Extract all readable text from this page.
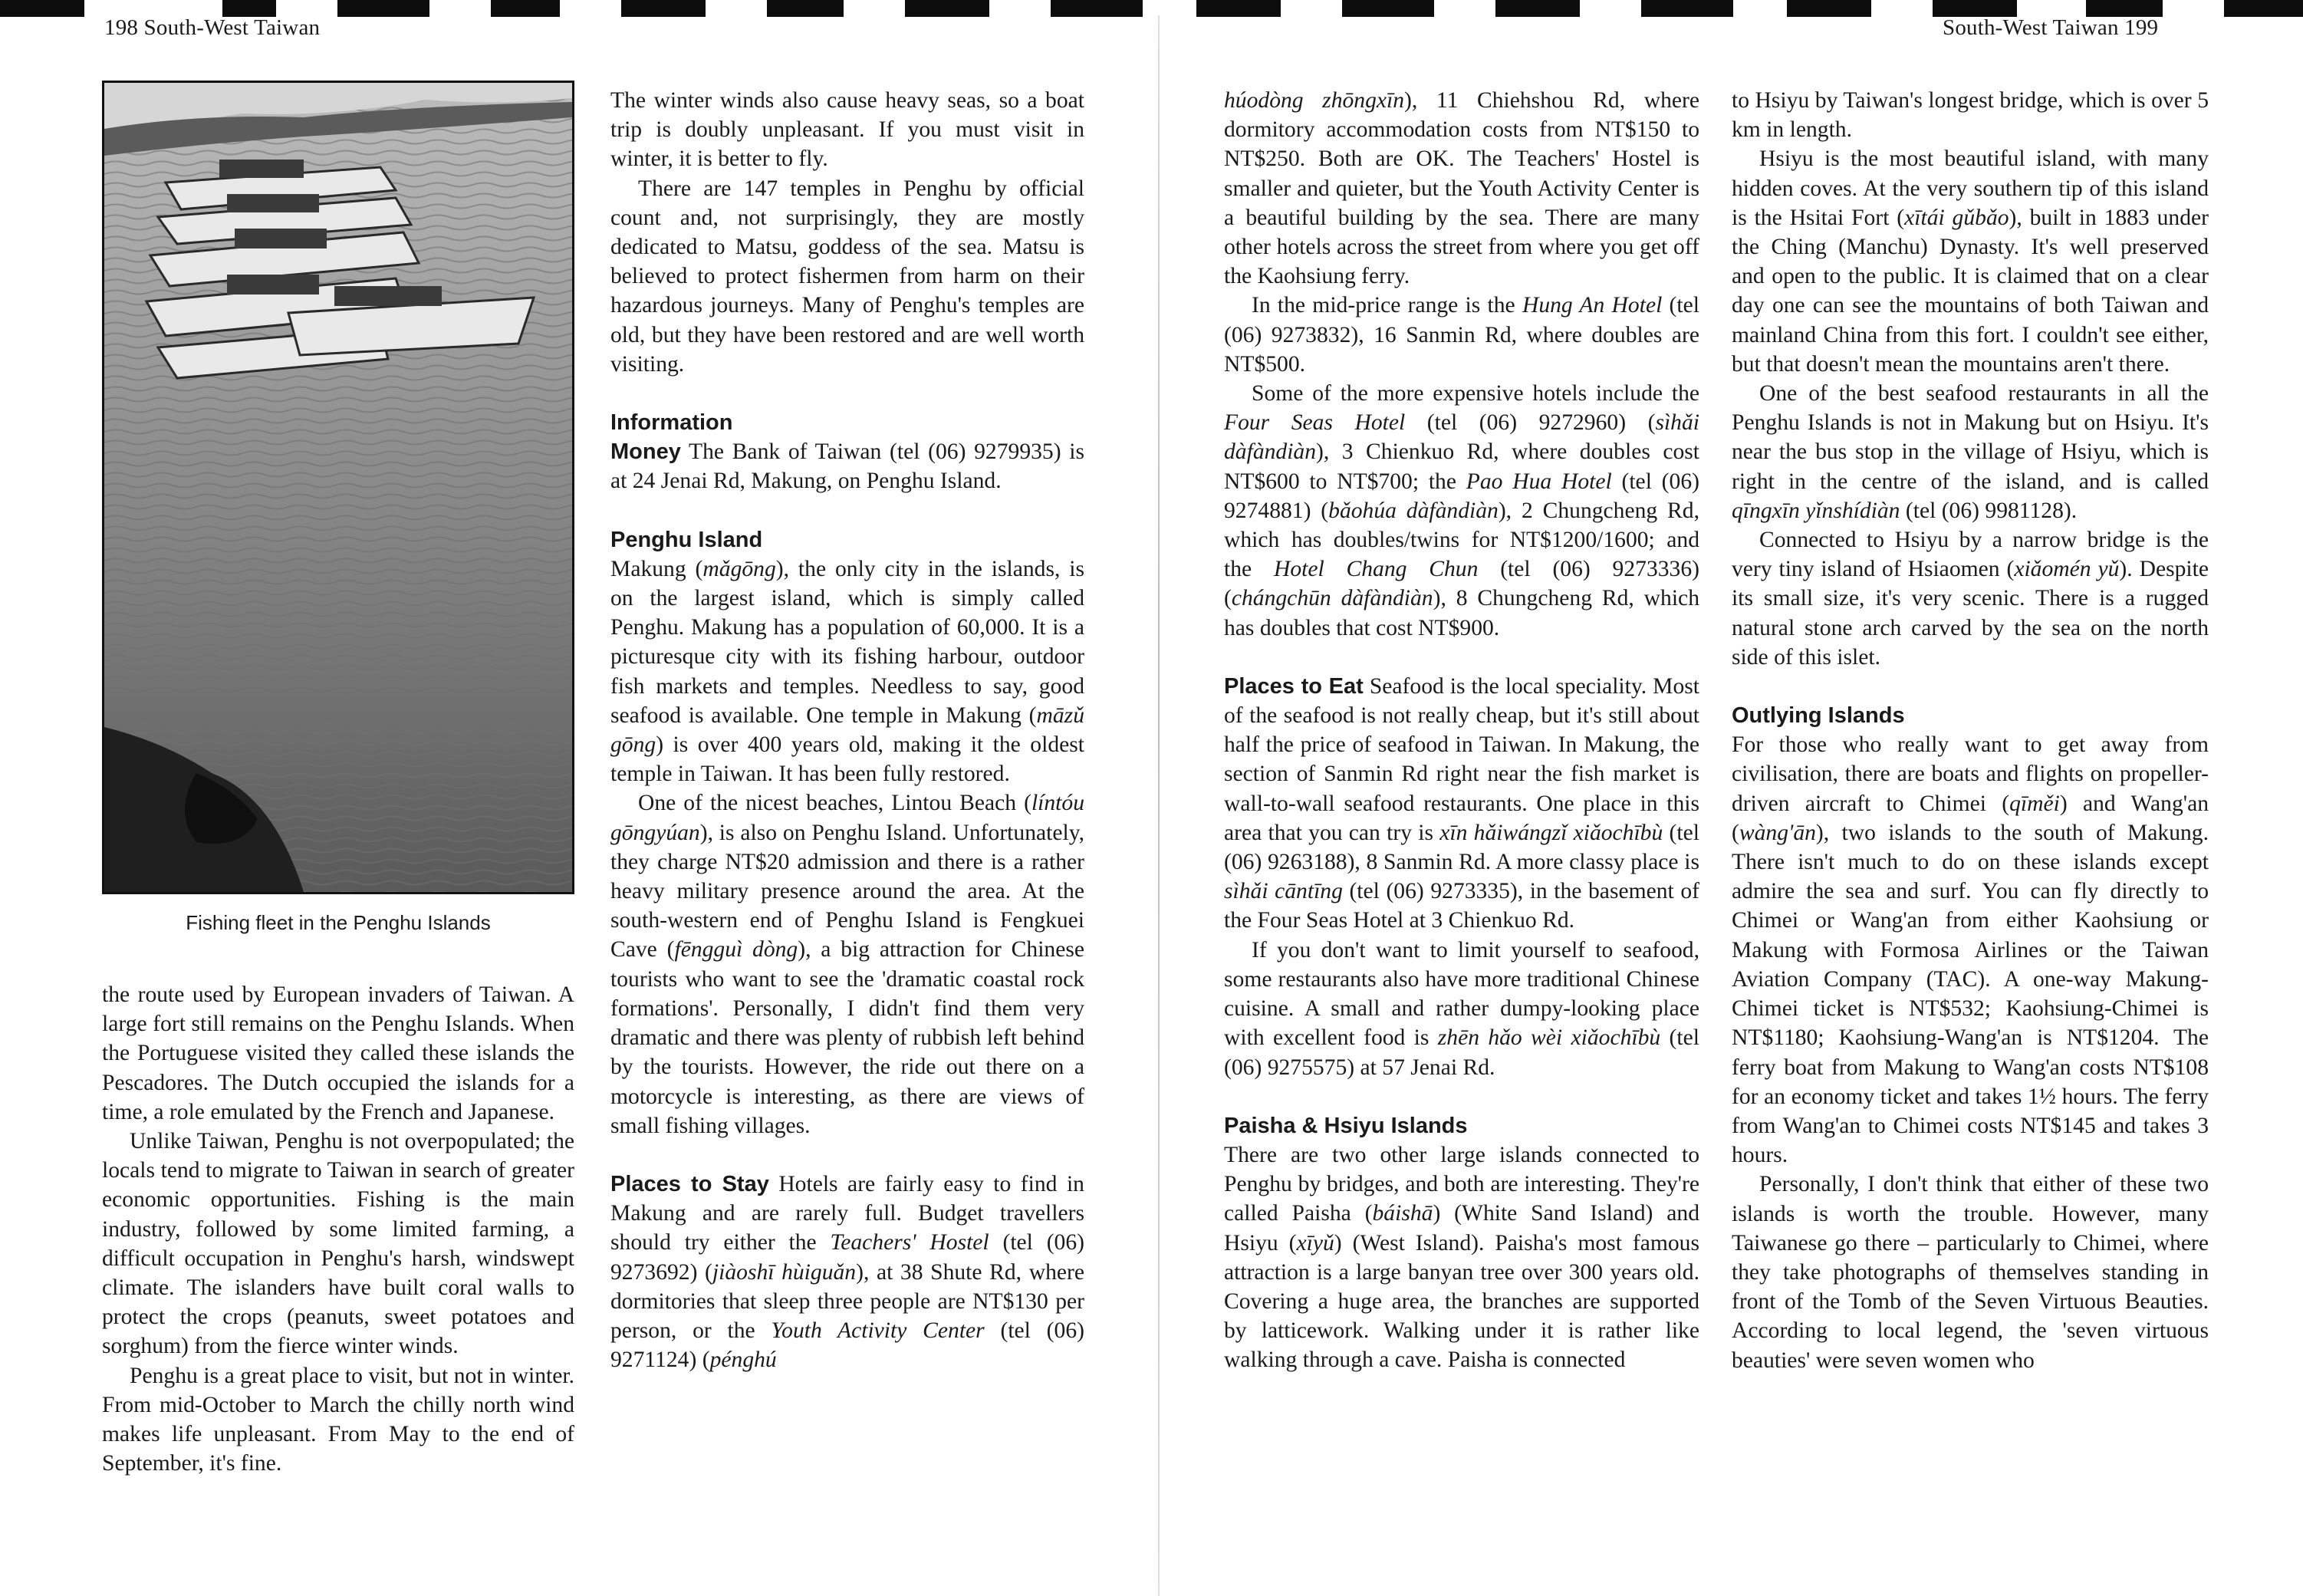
198 South-West Taiwan	South-West Taiwan 199
Fishing fleet in the Penghu Islands

the route used by European invaders of Taiwan. A large fort still remains on the Penghu Islands. When the Portuguese visited they called these islands the Pescadores. The Dutch occupied the islands for a time, a role emulated by the French and Japanese.

Unlike Taiwan, Penghu is not overpopulated; the locals tend to migrate to Taiwan in search of greater economic opportunities. Fishing is the main industry, followed by some limited farming, a difficult occupation in Penghu's harsh, windswept climate. The islanders have built coral walls to protect the crops (peanuts, sweet potatoes and sorghum) from the fierce winter winds.

Penghu is a great place to visit, but not in winter. From mid-October to March the chilly north wind makes life unpleasant. From May to the end of September, it's fine.

The winter winds also cause heavy seas, so a boat trip is doubly unpleasant. If you must visit in winter, it is better to fly.

There are 147 temples in Penghu by official count and, not surprisingly, they are mostly dedicated to Matsu, goddess of the sea. Matsu is believed to protect fishermen from harm on their hazardous journeys. Many of Penghu's temples are old, but they have been restored and are well worth visiting.

Information

Money The Bank of Taiwan (tel (06) 9279935) is at 24 Jenai Rd, Makung, on Penghu Island.

Penghu Island

Makung (mǎgōng), the only city in the islands, is on the largest island, which is simply called Penghu. Makung has a population of 60,000. It is a picturesque city with its fishing harbour, outdoor fish markets and temples. Needless to say, good seafood is available. One temple in Makung (māzǔ gōng) is over 400 years old, making it the oldest temple in Taiwan. It has been fully restored.

One of the nicest beaches, Lintou Beach (líntóu gōngyúan), is also on Penghu Island. Unfortunately, they charge NT$20 admission and there is a rather heavy military presence around the area. At the south-western end of Penghu Island is Fengkuei Cave (fēngguì dòng), a big attraction for Chinese tourists who want to see the 'dramatic coastal rock formations'. Personally, I didn't find them very dramatic and there was plenty of rubbish left behind by the tourists. However, the ride out there on a motorcycle is interesting, as there are views of small fishing villages.

Places to Stay Hotels are fairly easy to find in Makung and are rarely full. Budget travellers should try either the Teachers' Hostel (tel (06) 9273692) (jiàoshī hùiguǎn), at 38 Shute Rd, where dormitories that sleep three people are NT$130 per person, or the Youth Activity Center (tel (06) 9271124) (pénghú

húodòng zhōngxīn), 11 Chiehshou Rd, where dormitory accommodation costs from NT$150 to NT$250. Both are OK. The Teachers' Hostel is smaller and quieter, but the Youth Activity Center is a beautiful building by the sea. There are many other hotels across the street from where you get off the Kaohsiung ferry.

In the mid-price range is the Hung An Hotel (tel (06) 9273832), 16 Sanmin Rd, where doubles are NT$500.

Some of the more expensive hotels include the Four Seas Hotel (tel (06) 9272960) (sìhǎi dàfàndiàn), 3 Chienkuo Rd, where doubles cost NT$600 to NT$700; the Pao Hua Hotel (tel (06) 9274881) (bǎohúa dàfàndiàn), 2 Chungcheng Rd, which has doubles/twins for NT$1200/1600; and the Hotel Chang Chun (tel (06) 9273336) (chángchūn dàfàndiàn), 8 Chungcheng Rd, which has doubles that cost NT$900.

Places to Eat Seafood is the local speciality. Most of the seafood is not really cheap, but it's still about half the price of seafood in Taiwan. In Makung, the section of Sanmin Rd right near the fish market is wall-to-wall seafood restaurants. One place in this area that you can try is xīn hǎiwángzǐ xiǎochībù (tel (06) 9263188), 8 Sanmin Rd. A more classy place is sìhǎi cāntīng (tel (06) 9273335), in the basement of the Four Seas Hotel at 3 Chienkuo Rd.

If you don't want to limit yourself to seafood, some restaurants also have more traditional Chinese cuisine. A small and rather dumpy-looking place with excellent food is zhēn hǎo wèi xiǎochībù (tel (06) 9275575) at 57 Jenai Rd.

Paisha & Hsiyu Islands

There are two other large islands connected to Penghu by bridges, and both are interesting. They're called Paisha (báishā) (White Sand Island) and Hsiyu (xīyǔ) (West Island). Paisha's most famous attraction is a large banyan tree over 300 years old. Covering a huge area, the branches are supported by latticework. Walking under it is rather like walking through a cave. Paisha is connected

to Hsiyu by Taiwan's longest bridge, which is over 5 km in length.

Hsiyu is the most beautiful island, with many hidden coves. At the very southern tip of this island is the Hsitai Fort (xītái gǔbǎo), built in 1883 under the Ching (Manchu) Dynasty. It's well preserved and open to the public. It is claimed that on a clear day one can see the mountains of both Taiwan and mainland China from this fort. I couldn't see either, but that doesn't mean the mountains aren't there.

One of the best seafood restaurants in all the Penghu Islands is not in Makung but on Hsiyu. It's near the bus stop in the village of Hsiyu, which is right in the centre of the island, and is called qīngxīn yǐnshídiàn (tel (06) 9981128).

Connected to Hsiyu by a narrow bridge is the very tiny island of Hsiaomen (xiǎomén yǔ). Despite its small size, it's very scenic. There is a rugged natural stone arch carved by the sea on the north side of this islet.

Outlying Islands

For those who really want to get away from civilisation, there are boats and flights on propeller-driven aircraft to Chimei (qīměi) and Wang'an (wàng'ān), two islands to the south of Makung. There isn't much to do on these islands except admire the sea and surf. You can fly directly to Chimei or Wang'an from either Kaohsiung or Makung with Formosa Airlines or the Taiwan Aviation Company (TAC). A one-way Makung-Chimei ticket is NT$532; Kaohsiung-Chimei is NT$1180; Kaohsiung-Wang'an is NT$1204. The ferry boat from Makung to Wang'an costs NT$108 for an economy ticket and takes 1½ hours. The ferry from Wang'an to Chimei costs NT$145 and takes 3 hours.

Personally, I don't think that either of these two islands is worth the trouble. However, many Taiwanese go there – particularly to Chimei, where they take photographs of themselves standing in front of the Tomb of the Seven Virtuous Beauties. According to local legend, the 'seven virtuous beauties' were seven women who
